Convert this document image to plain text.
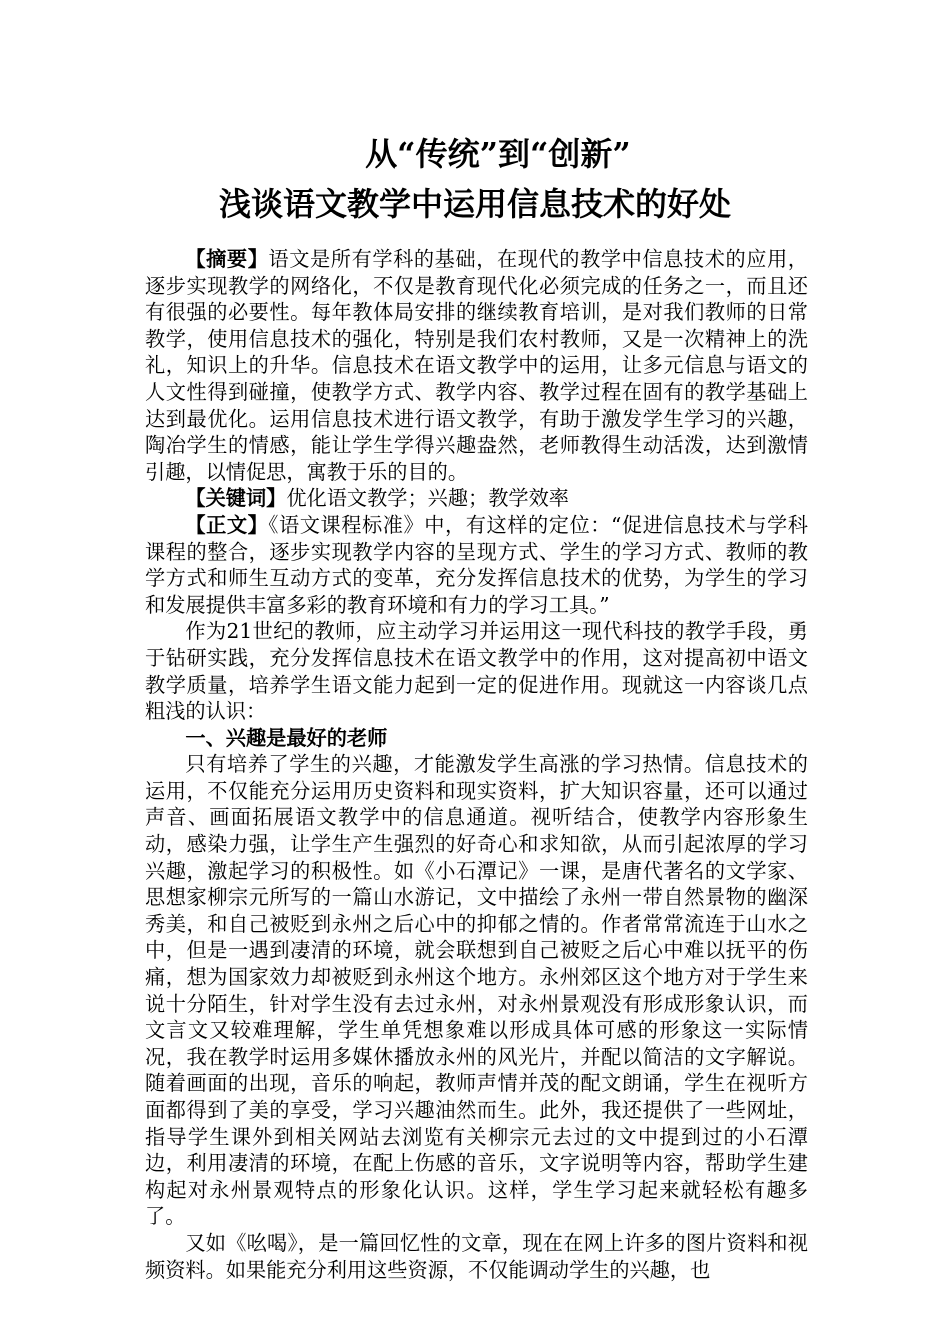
从“传统”到“创新”
浅谈语文教学中运用信息技术的好处

【摘要】语文是所有学科的基础，在现代的教学中信息技术的应用，逐步实现教学的网络化，不仅是教育现代化必须完成的任务之一，而且还有很强的必要性。每年教体局安排的继续教育培训，是对我们教师的日常教学，使用信息技术的强化，特别是我们农村教师，又是一次精神上的洗礼，知识上的升华。信息技术在语文教学中的运用，让多元信息与语文的人文性得到碰撞，使教学方式、教学内容、教学过程在固有的教学基础上达到最优化。运用信息技术进行语文教学，有助于激发学生学习的兴趣，陶冶学生的情感，能让学生学得兴趣盎然，老师教得生动活泼，达到激情引趣，以情促思，寓教于乐的目的。

【关键词】优化语文教学；兴趣；教学效率

【正文】《语文课程标准》中，有这样的定位：“促进信息技术与学科课程的整合，逐步实现教学内容的呈现方式、学生的学习方式、教师的教学方式和师生互动方式的变革，充分发挥信息技术的优势，为学生的学习和发展提供丰富多彩的教育环境和有力的学习工具。”

作为21世纪的教师，应主动学习并运用这一现代科技的教学手段，勇于钻研实践，充分发挥信息技术在语文教学中的作用，这对提高初中语文教学质量，培养学生语文能力起到一定的促进作用。现就这一内容谈几点粗浅的认识：

一、兴趣是最好的老师

只有培养了学生的兴趣，才能激发学生高涨的学习热情。信息技术的运用，不仅能充分运用历史资料和现实资料，扩大知识容量，还可以通过声音、画面拓展语文教学中的信息通道。视听结合，使教学内容形象生动，感染力强，让学生产生强烈的好奇心和求知欲，从而引起浓厚的学习兴趣，激起学习的积极性。如《小石潭记》一课，是唐代著名的文学家、思想家柳宗元所写的一篇山水游记，文中描绘了永州一带自然景物的幽深秀美，和自己被贬到永州之后心中的抑郁之情的。作者常常流连于山水之中，但是一遇到凄清的环境，就会联想到自己被贬之后心中难以抚平的伤痛，想为国家效力却被贬到永州这个地方。永州郊区这个地方对于学生来说十分陌生，针对学生没有去过永州，对永州景观没有形成形象认识，而文言文又较难理解，学生单凭想象难以形成具体可感的形象这一实际情况，我在教学时运用多媒休播放永州的风光片，并配以简洁的文字解说。随着画面的出现，音乐的响起，教师声情并茂的配文朗诵，学生在视听方面都得到了美的享受，学习兴趣油然而生。此外，我还提供了一些网址，指导学生课外到相关网站去浏览有关柳宗元去过的文中提到过的小石潭边，利用凄清的环境，在配上伤感的音乐，文字说明等内容，帮助学生建构起对永州景观特点的形象化认识。这样，学生学习起来就轻松有趣多了。

又如《吆喝》，是一篇回忆性的文章，现在在网上许多的图片资料和视频资料。如果能充分利用这些资源，不仅能调动学生的兴趣，也
